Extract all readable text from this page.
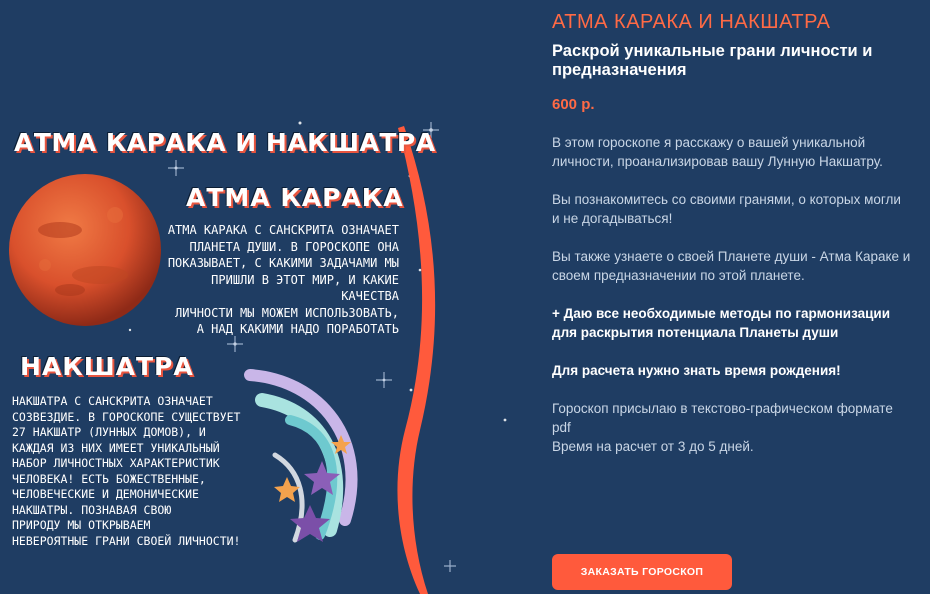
АТМА КАРАКА И НАКШАТРА
АТМА КАРАКА
АТМА КАРАКА С САНСКРИТА ОЗНАЧАЕТ
ПЛАНЕТА ДУШИ. В ГОРОСКОПЕ ОНА
ПОКАЗЫВАЕТ, С КАКИМИ ЗАДАЧАМИ МЫ
ПРИШЛИ В ЭТОТ МИР, И КАКИЕ КАЧЕСТВА
ЛИЧНОСТИ МЫ МОЖЕМ ИСПОЛЬЗОВАТЬ,
А НАД КАКИМИ НАДО ПОРАБОТАТЬ
НАКШАТРА
НАКШАТРА С САНСКРИТА ОЗНАЧАЕТ
СОЗВЕЗДИЕ. В ГОРОСКОПЕ СУЩЕСТВУЕТ
27 НАКШАТР (ЛУННЫХ ДОМОВ), И
КАЖДАЯ ИЗ НИХ ИМЕЕТ УНИКАЛЬНЫЙ
НАБОР ЛИЧНОСТНЫХ ХАРАКТЕРИСТИК
ЧЕЛОВЕКА! ЕСТЬ БОЖЕСТВЕННЫЕ,
ЧЕЛОВЕЧЕСКИЕ И ДЕМОНИЧЕСКИЕ
НАКШАТРЫ. ПОЗНАВАЯ СВОЮ
ПРИРОДУ МЫ ОТКРЫВАЕМ
НЕВЕРОЯТНЫЕ ГРАНИ СВОЕЙ ЛИЧНОСТИ!
АТМА КАРАКА И НАКШАТРА
Раскрой уникальные грани личности и предназначения
600 р.

В этом гороскопе я расскажу о вашей уникальной личности, проанализировав вашу Лунную Накшатру.

Вы познакомитесь со своими гранями, о которых могли и не догадываться!

Вы также узнаете о своей Планете души - Атма Караке и своем предназначении по этой планете.

+ Даю все необходимые методы по гармонизации для раскрытия потенциала Планеты души

Для расчета нужно знать время рождения!

Гороскоп присылаю в текстово-графическом формате pdf
Время на расчет от 3 до 5 дней.
ЗАКАЗАТЬ ГОРОСКОП
